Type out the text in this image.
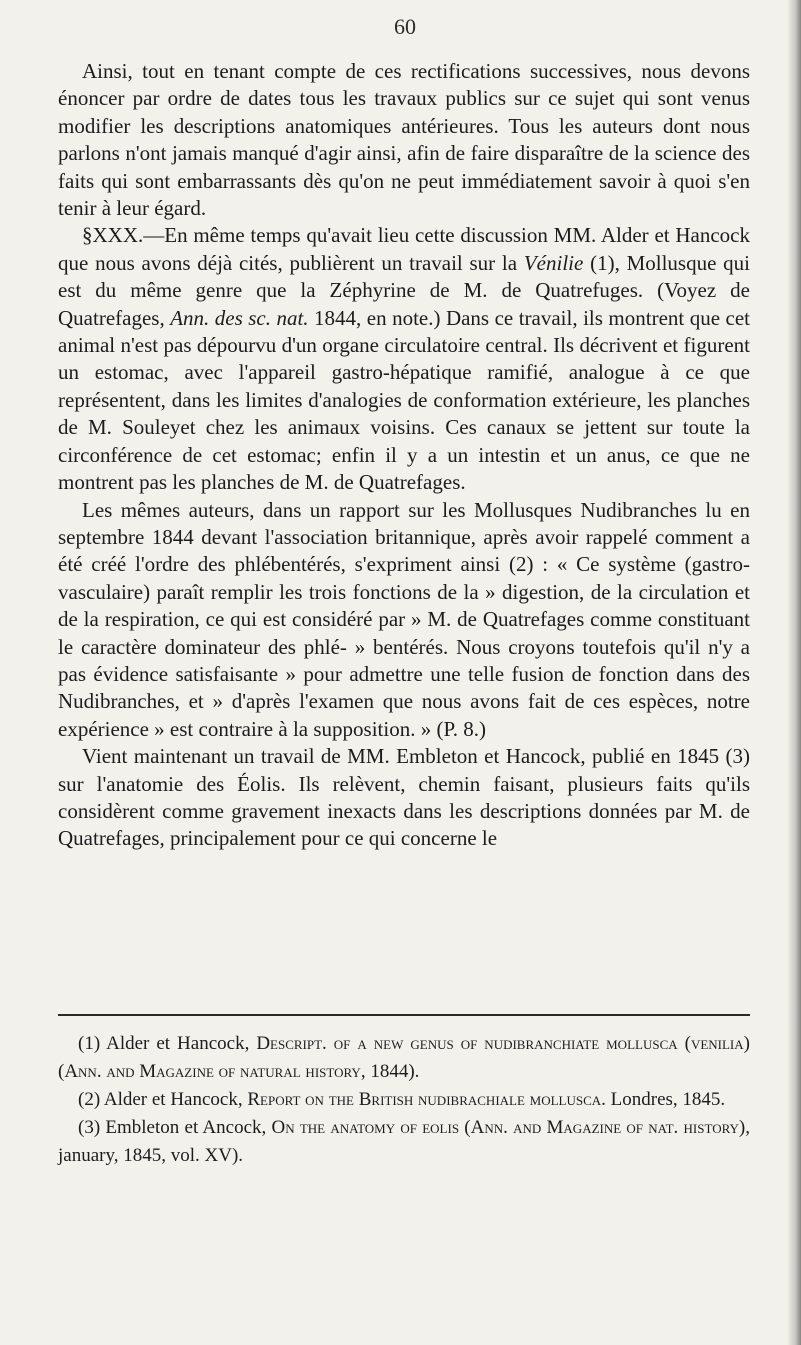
60

Ainsi, tout en tenant compte de ces rectifications successives, nous devons énoncer par ordre de dates tous les travaux publics sur ce sujet qui sont venus modifier les descriptions anatomiques antérieures. Tous les auteurs dont nous parlons n'ont jamais manqué d'agir ainsi, afin de faire disparaître de la science des faits qui sont embarrassants dès qu'on ne peut immédiatement savoir à quoi s'en tenir à leur égard.

§XXX.—En même temps qu'avait lieu cette discussion MM. Alder et Hancock que nous avons déjà cités, publièrent un travail sur la Vénilie (1), Mollusque qui est du même genre que la Zéphyrine de M. de Quatrefuges. (Voyez de Quatrefages, Ann. des sc. nat. 1844, en note.) Dans ce travail, ils montrent que cet animal n'est pas dépourvu d'un organe circulatoire central. Ils décrivent et figurent un estomac, avec l'appareil gastro-hépatique ramifié, analogue à ce que représentent, dans les limites d'analogies de conformation extérieure, les planches de M. Souleyet chez les animaux voisins. Ces canaux se jettent sur toute la circonférence de cet estomac; enfin il y a un intestin et un anus, ce que ne montrent pas les planches de M. de Quatrefages.

Les mêmes auteurs, dans un rapport sur les Mollusques Nudibranches lu en septembre 1844 devant l'association britannique, après avoir rappelé comment a été créé l'ordre des phlébentérés, s'expriment ainsi (2) : « Ce système (gastro-vasculaire) paraît remplir les trois fonctions de la » digestion, de la circulation et de la respiration, ce qui est considéré par » M. de Quatrefages comme constituant le caractère dominateur des phlé- » bentérés. Nous croyons toutefois qu'il n'y a pas évidence satisfaisante » pour admettre une telle fusion de fonction dans des Nudibranches, et » d'après l'examen que nous avons fait de ces espèces, notre expérience » est contraire à la supposition. » (P. 8.)

Vient maintenant un travail de MM. Embleton et Hancock, publié en 1845 (3) sur l'anatomie des Éolis. Ils relèvent, chemin faisant, plusieurs faits qu'ils considèrent comme gravement inexacts dans les descriptions données par M. de Quatrefages, principalement pour ce qui concerne le

(1) Alder et Hancock, Descript. of a new genus of nudibranchiate mollusca (venilia) (Ann. and Magazine of natural history, 1844).

(2) Alder et Hancock, Report on the British nudibrachiale mollusca. Londres, 1845.

(3) Embleton et Ancock, On the anatomy of eolis (Ann. and Magazine of nat. history), january, 1845, vol. XV).
